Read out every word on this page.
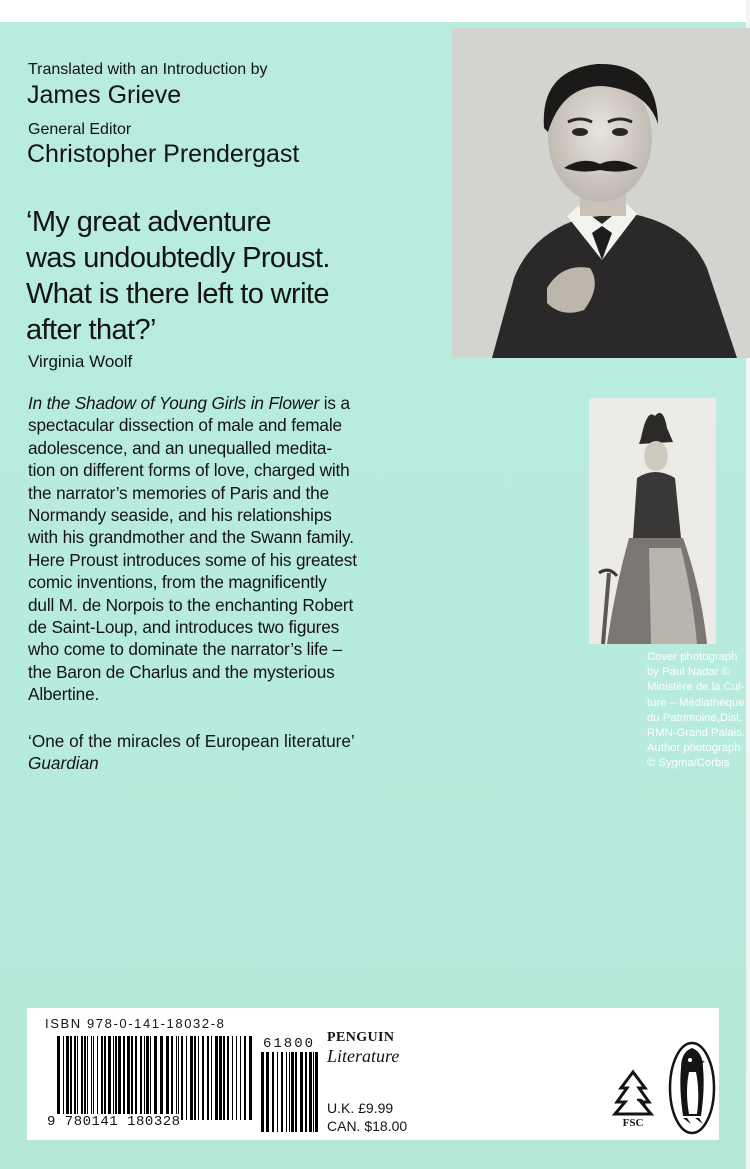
Translated with an Introduction by
James Grieve
General Editor
Christopher Prendergast
‘My great adventure
was undoubtedly Proust.
What is there left to write
after that?’
Virginia Woolf
In the Shadow of Young Girls in Flower is a
spectacular dissection of male and female
adolescence, and an unequalled medita-
tion on different forms of love, charged with
the narrator’s memories of Paris and the
Normandy seaside, and his relationships
with his grandmother and the Swann family.
Here Proust introduces some of his greatest
comic inventions, from the magnificently
dull M. de Norpois to the enchanting Robert
de Saint-Loup, and introduces two figures
who come to dominate the narrator’s life –
the Baron de Charlus and the mysterious
Albertine.
‘One of the miracles of European literature’
Guardian
Cover photograph
by Paul Nadar ©
Ministère de la Cul-
ture – Médiathèque
du Patrimoine,Dist.
RMN-Grand Palais.
Author photograph
© Sygma/Corbis
ISBN 978-0-141-18032-8
9 780141 180328
61800 PENGUIN
Literature
U.K. £9.99
CAN. $18.00	FSC
